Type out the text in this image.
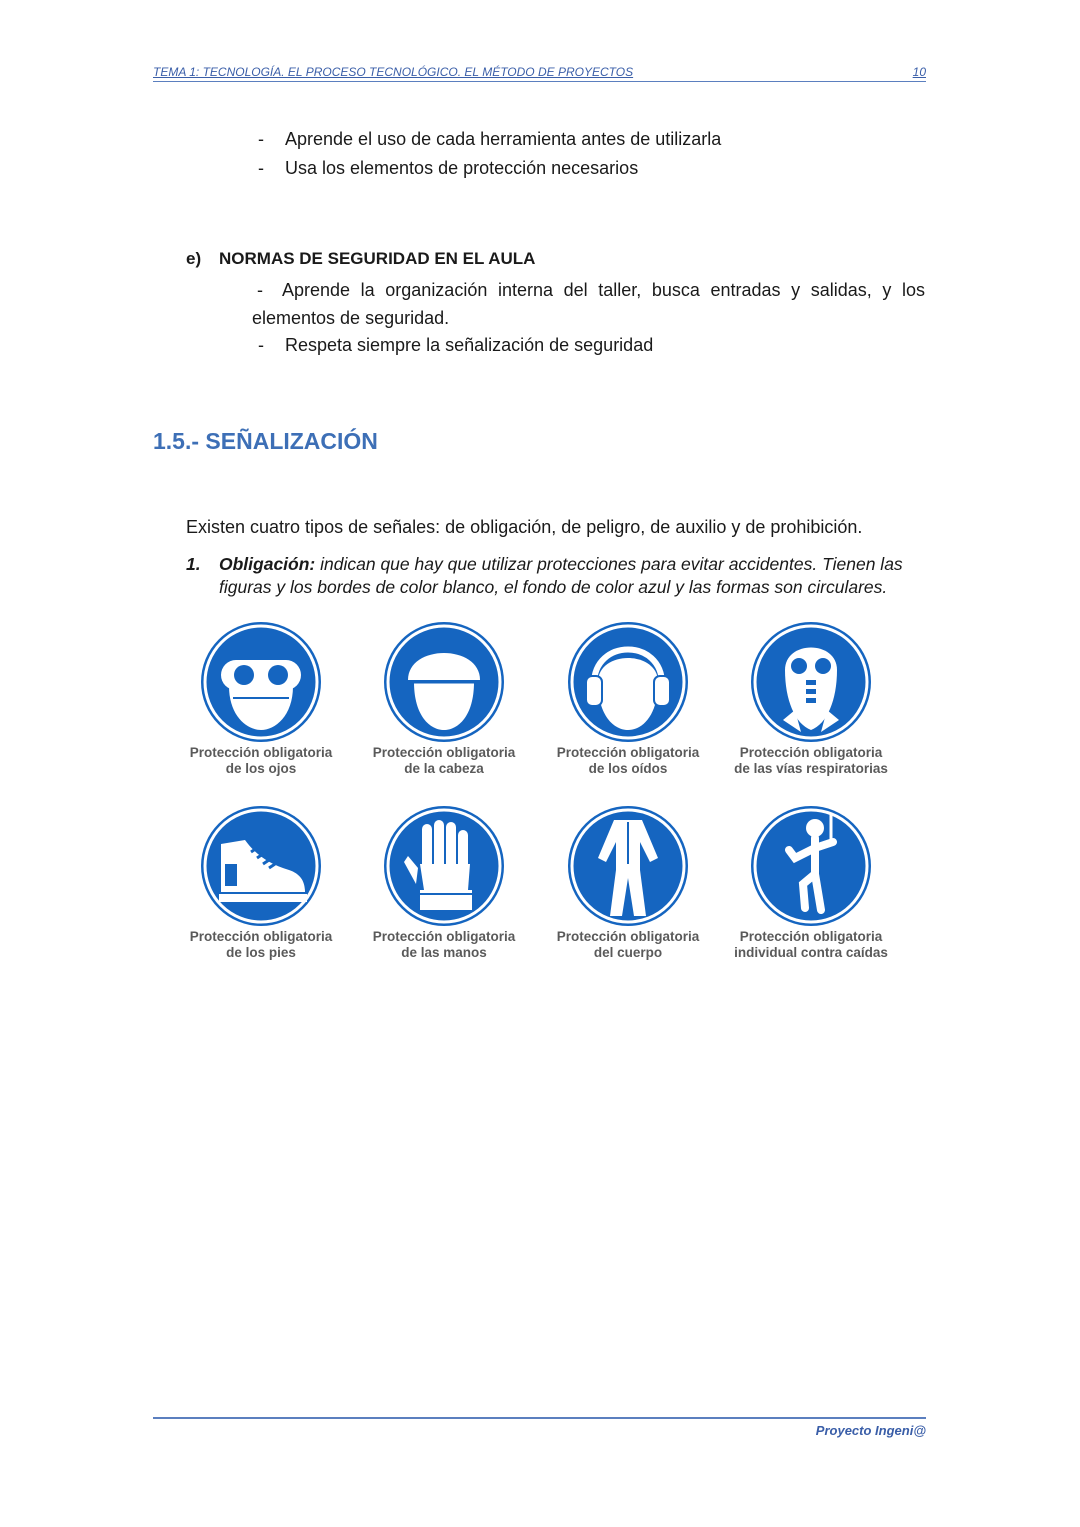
TEMA 1: TECNOLOGÍA. EL PROCESO TECNOLÓGICO. EL MÉTODO DE PROYECTOS	10
- Aprende el uso de cada herramienta antes de utilizarla
- Usa los elementos de protección necesarios
e) NORMAS DE SEGURIDAD EN EL AULA
- Aprende la organización interna del taller, busca entradas y salidas, y los elementos de seguridad.
- Respeta siempre la señalización de seguridad
1.5.- SEÑALIZACIÓN
Existen cuatro tipos de señales: de obligación, de peligro, de auxilio y de prohibición.
1. Obligación: indican que hay que utilizar protecciones para evitar accidentes. Tienen las figuras y los bordes de color blanco, el fondo de color azul y las formas son circulares.
Protección obligatoria
de los ojos
Protección obligatoria
de la cabeza
Protección obligatoria
de los oídos
Protección obligatoria
de las vías respiratorias
Protección obligatoria
de los pies
Protección obligatoria
de las manos
Protección obligatoria
del cuerpo
Protección obligatoria
individual contra caídas
Proyecto Ingeni@
